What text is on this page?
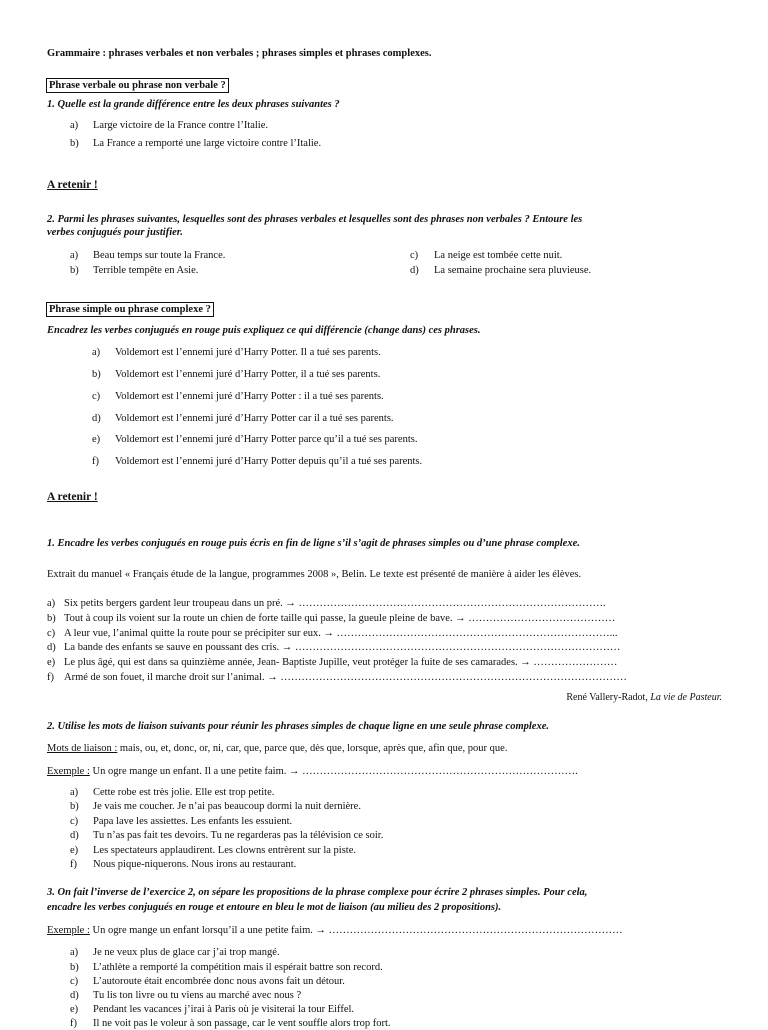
Grammaire : phrases verbales et non verbales ; phrases simples et phrases complexes.
Phrase verbale ou phrase non verbale ?
1. Quelle est la grande différence entre les deux phrases suivantes ?
a) Large victoire de la France contre l’Italie.
b) La France a remporté une large victoire contre l’Italie.
A retenir !
2. Parmi les phrases suivantes, lesquelles sont des phrases verbales et lesquelles sont des phrases non verbales ? Entoure les
verbes conjugués pour justifier.
a) Beau temps sur toute la France.
b) Terrible tempête en Asie.
c) La neige est tombée cette nuit.
d) La semaine prochaine sera pluvieuse.
Phrase simple ou phrase complexe ?
Encadrez les verbes conjugués en rouge puis expliquez ce qui différencie (change dans) ces phrases.
a) Voldemort est l’ennemi juré d’Harry Potter. Il a tué ses parents.
b) Voldemort est l’ennemi juré d’Harry Potter, il a tué ses parents.
c) Voldemort est l’ennemi juré d’Harry Potter : il a tué ses parents.
d) Voldemort est l’ennemi juré d’Harry Potter car il a tué ses parents.
e) Voldemort est l’ennemi juré d’Harry Potter parce qu’il a tué ses parents.
f) Voldemort est l’ennemi juré d’Harry Potter depuis qu’il a tué ses parents.
A retenir !
1. Encadre les verbes conjugués en rouge puis écris en fin de ligne s’il s’agit de phrases simples ou d’une phrase complexe.
Extrait du manuel « Français étude de la langue, programmes 2008 », Belin. Le texte est présenté de manière à aider les élèves.
a) Six petits bergers gardent leur troupeau dans un pré. → …………………………………………………………………………….
b) Tout à coup ils voient sur la route un chien de forte taille qui passe, la gueule pleine de bave. → ……………………………………
c) A leur vue, l’animal quitte la route pour se précipiter sur eux. → ……………………………………………………………………...
d) La bande des enfants se sauve en poussant des cris. → …………………………………………………………………………………
e) Le plus âgé, qui est dans sa quinzième année, Jean- Baptiste Jupille, veut protéger la fuite de ses camarades. → ……………………
f) Armé de son fouet, il marche droit sur l’animal. → ………………………………………………………………………………………
René Vallery-Radot, La vie de Pasteur.
2. Utilise les mots de liaison suivants pour réunir les phrases simples de chaque ligne en une seule phrase complexe.
Mots de liaison : mais, ou, et, donc, or, ni, car, que, parce que, dès que, lorsque, après que, afin que, pour que.
Exemple : Un ogre mange un enfant. Il a une petite faim. → …………………………………………………………………….
a) Cette robe est très jolie. Elle est trop petite.
b) Je vais me coucher. Je n’ai pas beaucoup dormi la nuit dernière.
c) Papa lave les assiettes. Les enfants les essuient.
d) Tu n’as pas fait tes devoirs. Tu ne regarderas pas la télévision ce soir.
e) Les spectateurs applaudirent. Les clowns entrèrent sur la piste.
f) Nous pique-niquerons. Nous irons au restaurant.
3. On fait l’inverse de l’exercice 2, on sépare les propositions de la phrase complexe pour écrire 2 phrases simples. Pour cela,
encadre les verbes conjugués en rouge et entoure en bleu le mot de liaison (au milieu des 2 propositions).
Exemple : Un ogre mange un enfant lorsqu’il a une petite faim. → …………………………………………………………………………
a) Je ne veux plus de glace car j’ai trop mangé.
b) L’athlète a remporté la compétition mais il espérait battre son record.
c) L’autoroute était encombrée donc nous avons fait un détour.
d) Tu lis ton livre ou tu viens au marché avec nous ?
e) Pendant les vacances j’irai à Paris où je visiterai la tour Eiffel.
f) Il ne voit pas le voleur à son passage, car le vent souffle alors trop fort.
